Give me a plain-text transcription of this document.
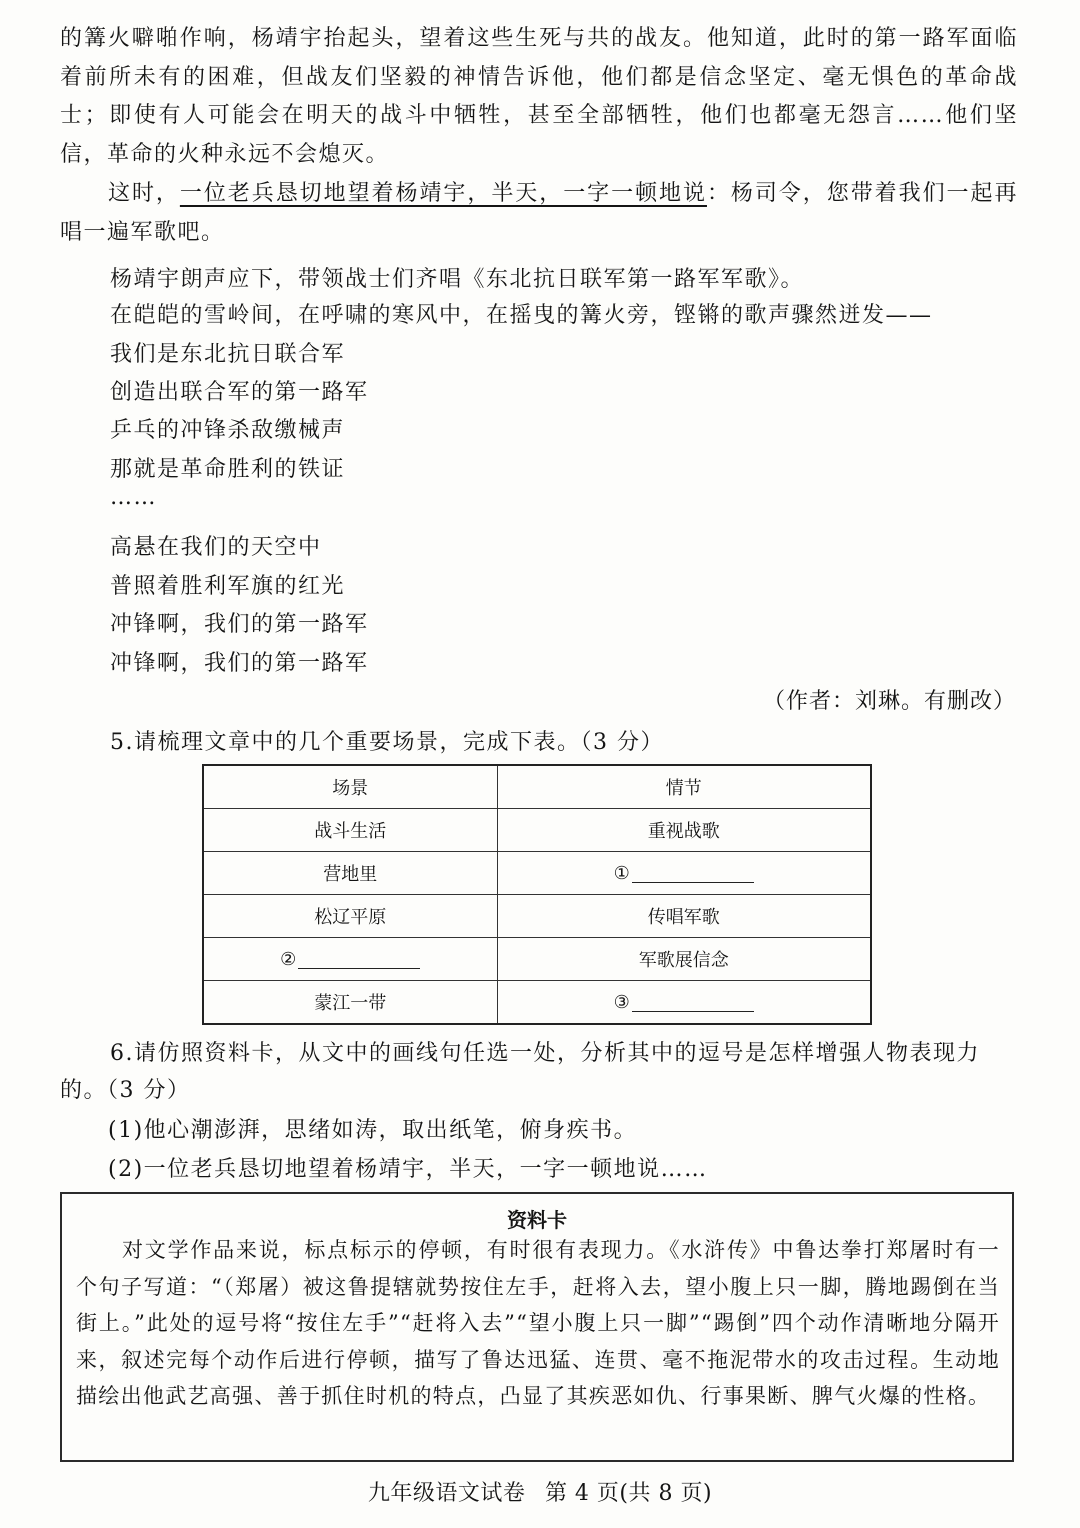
的篝火噼啪作响，杨靖宇抬起头，望着这些生死与共的战友。他知道，此时的第一路军面临着前所未有的困难，但战友们坚毅的神情告诉他，他们都是信念坚定、毫无惧色的革命战士；即使有人可能会在明天的战斗中牺牲，甚至全部牺牲，他们也都毫无怨言……他们坚信，革命的火种永远不会熄灭。

这时，一位老兵恳切地望着杨靖宇，半天，一字一顿地说：杨司令，您带着我们一起再唱一遍军歌吧。

杨靖宇朗声应下，带领战士们齐唱《东北抗日联军第一路军军歌》。

在皑皑的雪岭间，在呼啸的寒风中，在摇曳的篝火旁，铿锵的歌声骤然迸发——

我们是东北抗日联合军

创造出联合军的第一路军

乒乓的冲锋杀敌缴械声

那就是革命胜利的铁证

……

高悬在我们的天空中

普照着胜利军旗的红光

冲锋啊，我们的第一路军

冲锋啊，我们的第一路军

（作者：刘琳。有删改）

5.请梳理文章中的几个重要场景，完成下表。（3 分）

场景	情节
战斗生活	重视战歌
营地里	①
松辽平原	传唱军歌
②	军歌展信念
蒙江一带	③

6.请仿照资料卡，从文中的画线句任选一处，分析其中的逗号是怎样增强人物表现力

的。（3 分）

(1)他心潮澎湃，思绪如涛，取出纸笔，俯身疾书。

(2)一位老兵恳切地望着杨靖宇，半天，一字一顿地说……

资料卡

对文学作品来说，标点标示的停顿，有时很有表现力。《水浒传》中鲁达拳打郑屠时有一个句子写道：“（郑屠）被这鲁提辖就势按住左手，赶将入去，望小腹上只一脚，腾地踢倒在当街上。”此处的逗号将“按住左手”“赶将入去”“望小腹上只一脚”“踢倒”四个动作清晰地分隔开来，叙述完每个动作后进行停顿，描写了鲁达迅猛、连贯、毫不拖泥带水的攻击过程。生动地描绘出他武艺高强、善于抓住时机的特点，凸显了其疾恶如仇、行事果断、脾气火爆的性格。

九年级语文试卷 第 4 页(共 8 页)
